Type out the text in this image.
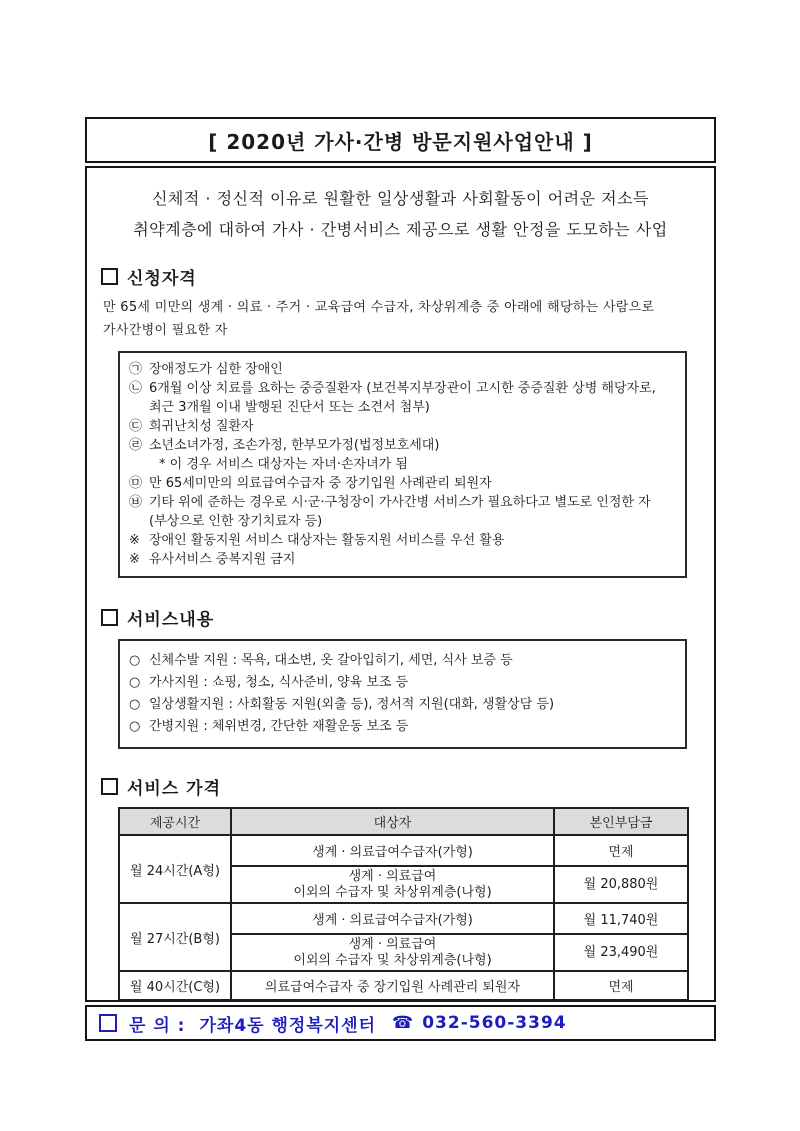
[ 2020년 가사·간병 방문지원사업안내 ]
신체적 · 정신적 이유로 원활한 일상생활과 사회활동이 어려운 저소득
취약계층에 대하여 가사 · 간병서비스 제공으로 생활 안정을 도모하는 사업
신청자격
만 65세 미만의 생계 · 의료 · 주거 · 교육급여 수급자, 차상위계층 중 아래에 해당하는 사람으로
가사간병이 필요한 자
㉠ 장애정도가 심한 장애인
㉡ 6개월 이상 치료를 요하는 중증질환자 (보건복지부장관이 고시한 중증질환 상병 해당자로,
최근 3개월 이내 발행된 진단서 또는 소견서 첨부)
㉢ 희귀난치성 질환자
㉣ 소년소녀가정, 조손가정, 한부모가정(법정보호세대)
* 이 경우 서비스 대상자는 자녀·손자녀가 됨
㉤ 만 65세미만의 의료급여수급자 중 장기입원 사례관리 퇴원자
㉥ 기타 위에 준하는 경우로 시·군·구청장이 가사간병 서비스가 필요하다고 별도로 인정한 자
(부상으로 인한 장기치료자 등)
※ 장애인 활동지원 서비스 대상자는 활동지원 서비스를 우선 활용
※ 유사서비스 중복지원 금지
서비스내용
○ 신체수발 지원 : 목욕, 대소변, 옷 갈아입히기, 세면, 식사 보증 등
○ 가사지원 : 쇼핑, 청소, 식사준비, 양육 보조 등
○ 일상생활지원 : 사회활동 지원(외출 등), 정서적 지원(대화, 생활상담 등)
○ 간병지원 : 체위변경, 간단한 재활운동 보조 등
서비스 가격
제공시간	대상자	본인부담금
월 24시간(A형)	생계 · 의료급여수급자(가형)	면제

	생계 · 의료급여
이외의 수급자 및 차상위계층(나형)	월 20,880원
월 27시간(B형)	생계 · 의료급여수급자(가형)	월 11,740원

	생계 · 의료급여
이외의 수급자 및 차상위계층(나형)	월 23,490원
월 40시간(C형)	의료급여수급자 중 장기입원 사례관리 퇴원자	면제
문 의 : 가좌4동 행정복지센터 ☎ 032-560-3394
